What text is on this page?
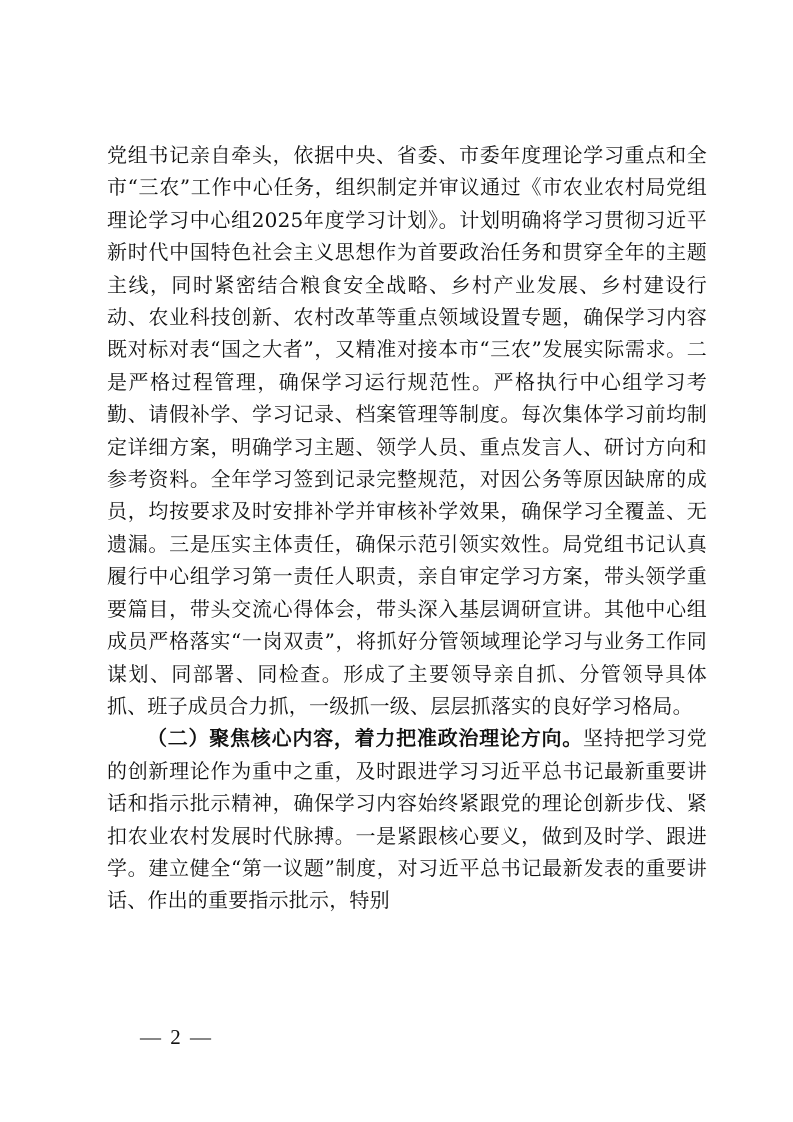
党组书记亲自牵头，依据中央、省委、市委年度理论学习重点和全市“三农”工作中心任务，组织制定并审议通过《市农业农村局党组理论学习中心组2025年度学习计划》。计划明确将学习贯彻习近平新时代中国特色社会主义思想作为首要政治任务和贯穿全年的主题主线，同时紧密结合粮食安全战略、乡村产业发展、乡村建设行动、农业科技创新、农村改革等重点领域设置专题，确保学习内容既对标对表“国之大者”，又精准对接本市“三农”发展实际需求。二是严格过程管理，确保学习运行规范性。严格执行中心组学习考勤、请假补学、学习记录、档案管理等制度。每次集体学习前均制定详细方案，明确学习主题、领学人员、重点发言人、研讨方向和参考资料。全年学习签到记录完整规范，对因公务等原因缺席的成员，均按要求及时安排补学并审核补学效果，确保学习全覆盖、无遗漏。三是压实主体责任，确保示范引领实效性。局党组书记认真履行中心组学习第一责任人职责，亲自审定学习方案，带头领学重要篇目，带头交流心得体会，带头深入基层调研宣讲。其他中心组成员严格落实“一岗双责”，将抓好分管领域理论学习与业务工作同谋划、同部署、同检查。形成了主要领导亲自抓、分管领导具体抓、班子成员合力抓，一级抓一级、层层抓落实的良好学习格局。

（二）聚焦核心内容，着力把准政治理论方向。坚持把学习党的创新理论作为重中之重，及时跟进学习习近平总书记最新重要讲话和指示批示精神，确保学习内容始终紧跟党的理论创新步伐、紧扣农业农村发展时代脉搏。一是紧跟核心要义，做到及时学、跟进学。建立健全“第一议题”制度，对习近平总书记最新发表的重要讲话、作出的重要指示批示，特别

— 2 —
